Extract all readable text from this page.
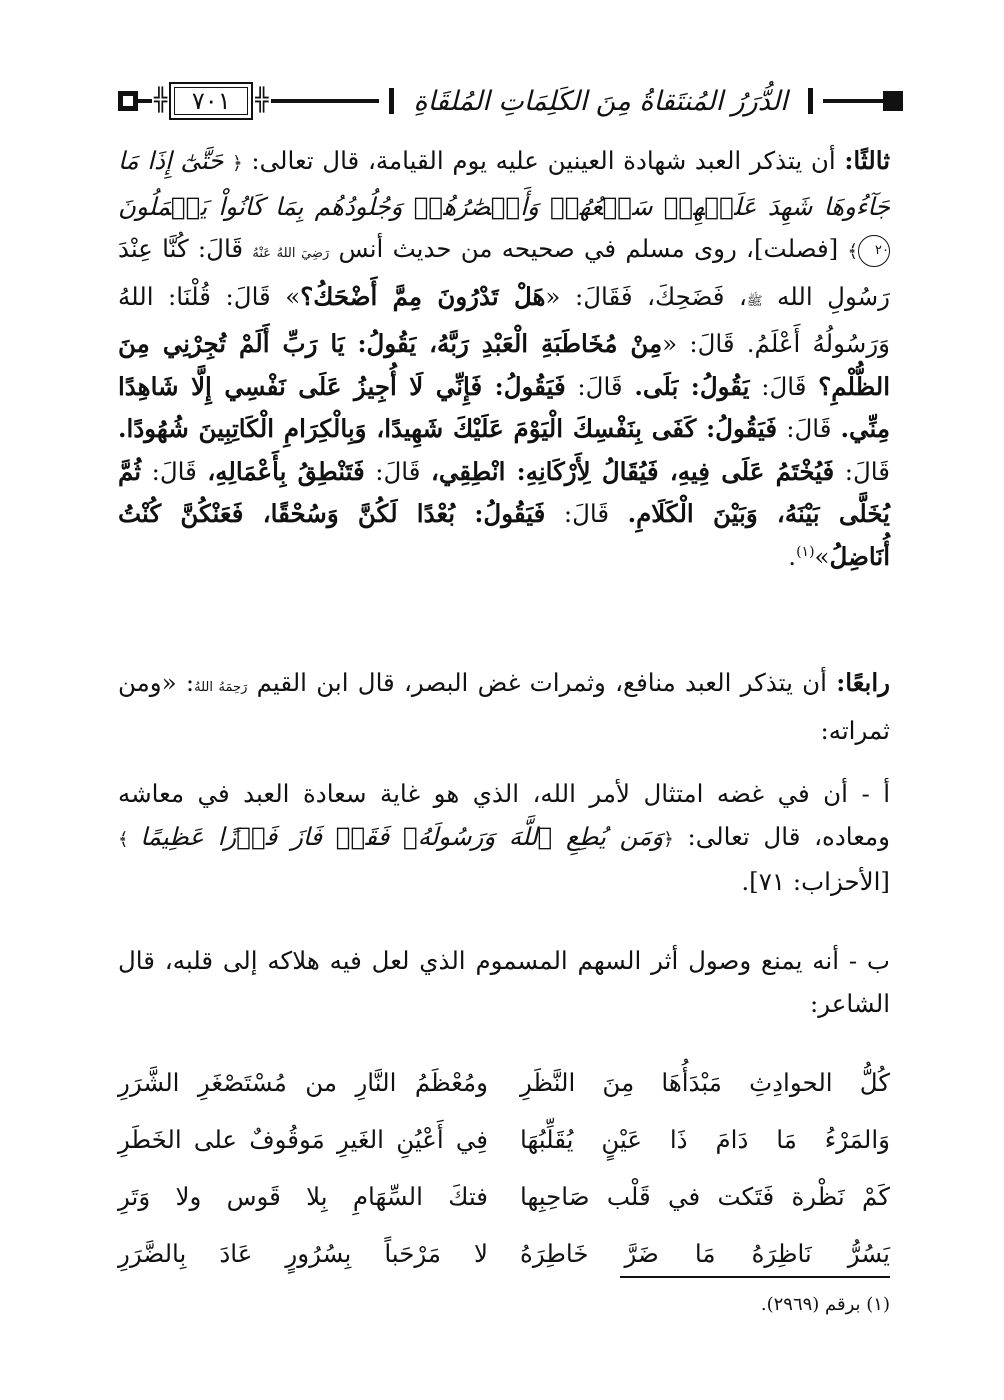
╬ ٧٠١ ╬	الدُّرَرُ المُنتَقاةُ مِنَ الكَلِمَاتِ المُلقَاةِ

ثالثًا: أن يتذكر العبد شهادة العينين عليه يوم القيامة، قال تعالى: ﴿ حَتَّىٰٓ إِذَا مَا جَآءُوهَا شَهِدَ عَلَيۡهِمۡ سَمۡعُهُمۡ وَأَبۡصَٰرُهُمۡ وَجُلُودُهُم بِمَا كَانُواْ يَعۡمَلُونَ ٢٠﴾ [فصلت]، روى مسلم في صحيحه من حديث أنس رَضِيَ اللهُ عَنْهُ قَالَ: كُنَّا عِنْدَ رَسُولِ الله ﷺ، فَضَحِكَ، فَقَالَ: «هَلْ تَدْرُونَ مِمَّ أَضْحَكُ؟» قَالَ: قُلْنَا: اللهُ وَرَسُولُهُ أَعْلَمُ. قَالَ: «مِنْ مُخَاطَبَةِ الْعَبْدِ رَبَّهُ، يَقُولُ: يَا رَبِّ أَلَمْ تُجِرْنِي مِنَ الظُّلْمِ؟ قَالَ: يَقُولُ: بَلَى. قَالَ: فَيَقُولُ: فَإِنِّي لَا أُجِيزُ عَلَى نَفْسِي إِلَّا شَاهِدًا مِنِّي. قَالَ: فَيَقُولُ: كَفَى بِنَفْسِكَ الْيَوْمَ عَلَيْكَ شَهِيدًا، وَبِالْكِرَامِ الْكَاتِبِينَ شُهُودًا. قَالَ: فَيُخْتَمُ عَلَى فِيهِ، فَيُقَالُ لِأَرْكَانِهِ: انْطِقِي، قَالَ: فَتَنْطِقُ بِأَعْمَالِهِ، قَالَ: ثُمَّ يُخَلَّى بَيْنَهُ، وَبَيْنَ الْكَلَامِ. قَالَ: فَيَقُولُ: بُعْدًا لَكُنَّ وَسُحْقًا، فَعَنْكُنَّ كُنْتُ أُنَاضِلُ»$^{(١)}$.

رابعًا: أن يتذكر العبد منافع، وثمرات غض البصر، قال ابن القيم رَحِمَهُ اللهُ: «ومن ثمراته:

أ - أن في غضه امتثال لأمر الله، الذي هو غاية سعادة العبد في معاشه ومعاده، قال تعالى: ﴿وَمَن يُطِعِ ٱللَّهَ وَرَسُولَهُۥ فَقَدۡ فَازَ فَوۡزًا عَظِيمًا ﴾ [الأحزاب: ٧١].

ب - أنه يمنع وصول أثر السهم المسموم الذي لعل فيه هلاكه إلى قلبه، قال الشاعر:

كُلُّ الحوادِثِ مَبْدَأُهَا مِنَ النَّظَرِ
ومُعْظَمُ النَّارِ من مُسْتَصْغَرِ الشَّرَرِ
وَالمَرْءُ مَا دَامَ ذَا عَيْنٍ يُقَلِّبُهَا
فِي أَعْيُنِ الغَيرِ مَوقُوفٌ على الخَطَرِ
كَمْ نَظْرة فَتَكت في قَلْب صَاحِبِها
فتكَ السِّهَامِ بِلا قَوس ولا وَتَرِ
يَسُرُّ نَاظِرَهُ مَا ضَرَّ خَاطِرَهُ
لا مَرْحَباً بِسُرُورٍ عَادَ بِالضَّرَرِ
(١) برقم (٢٩٦٩).
